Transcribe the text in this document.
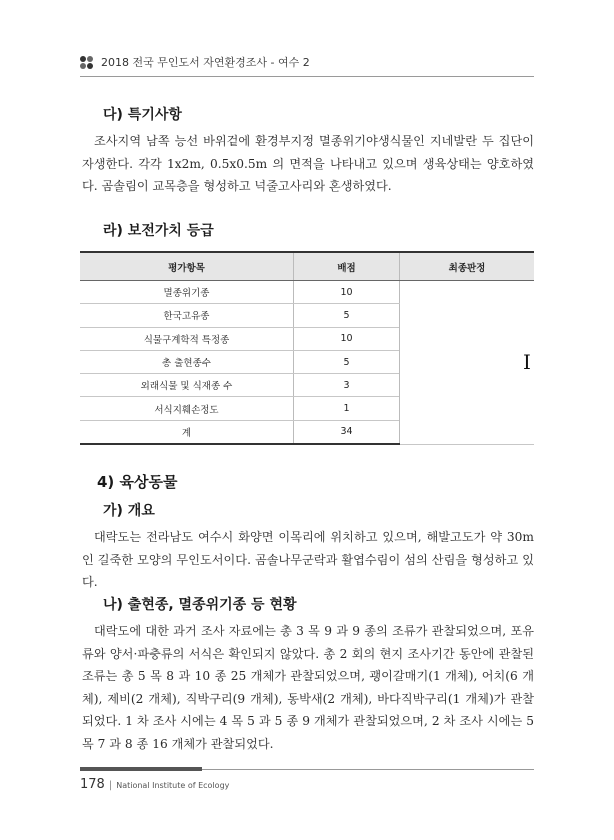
2018 전국 무인도서 자연환경조사 - 여수 2
다) 특기사항
조사지역 남쪽 능선 바위겉에 환경부지정 멸종위기야생식물인 지네발란 두 집단이 자생한다. 각각 1x2m, 0.5x0.5m 의 면적을 나타내고 있으며 생육상태는 양호하였다. 곰솔림이 교목층을 형성하고 넉줄고사리와 혼생하였다.
라) 보전가치 등급
평가항목	배점	최종판정
멸종위기종	10	Ⅰ
한국고유종	5	
식물구계학적 특정종	10	
총 출현종수	5	
외래식물 및 식재종 수	3	
서식지훼손정도	1	
계	34	
4) 육상동물
가) 개요
대락도는 전라남도 여수시 화양면 이목리에 위치하고 있으며, 해발고도가 약 30m 인 길죽한 모양의 무인도서이다. 곰솔나무군락과 활엽수림이 섬의 산림을 형성하고 있다.
나) 출현종, 멸종위기종 등 현황
대락도에 대한 과거 조사 자료에는 총 3 목 9 과 9 종의 조류가 관찰되었으며, 포유류와 양서·파충류의 서식은 확인되지 않았다. 총 2 회의 현지 조사기간 동안에 관찰된 조류는 총 5 목 8 과 10 종 25 개체가 관찰되었으며, 괭이갈매기(1 개체), 어치(6 개체), 제비(2 개체), 직박구리(9 개체), 동박새(2 개체), 바다직박구리(1 개체)가 관찰되었다. 1 차 조사 시에는 4 목 5 과 5 종 9 개체가 관찰되었으며, 2 차 조사 시에는 5 목 7 과 8 종 16 개체가 관찰되었다.
178 | National Institute of Ecology
